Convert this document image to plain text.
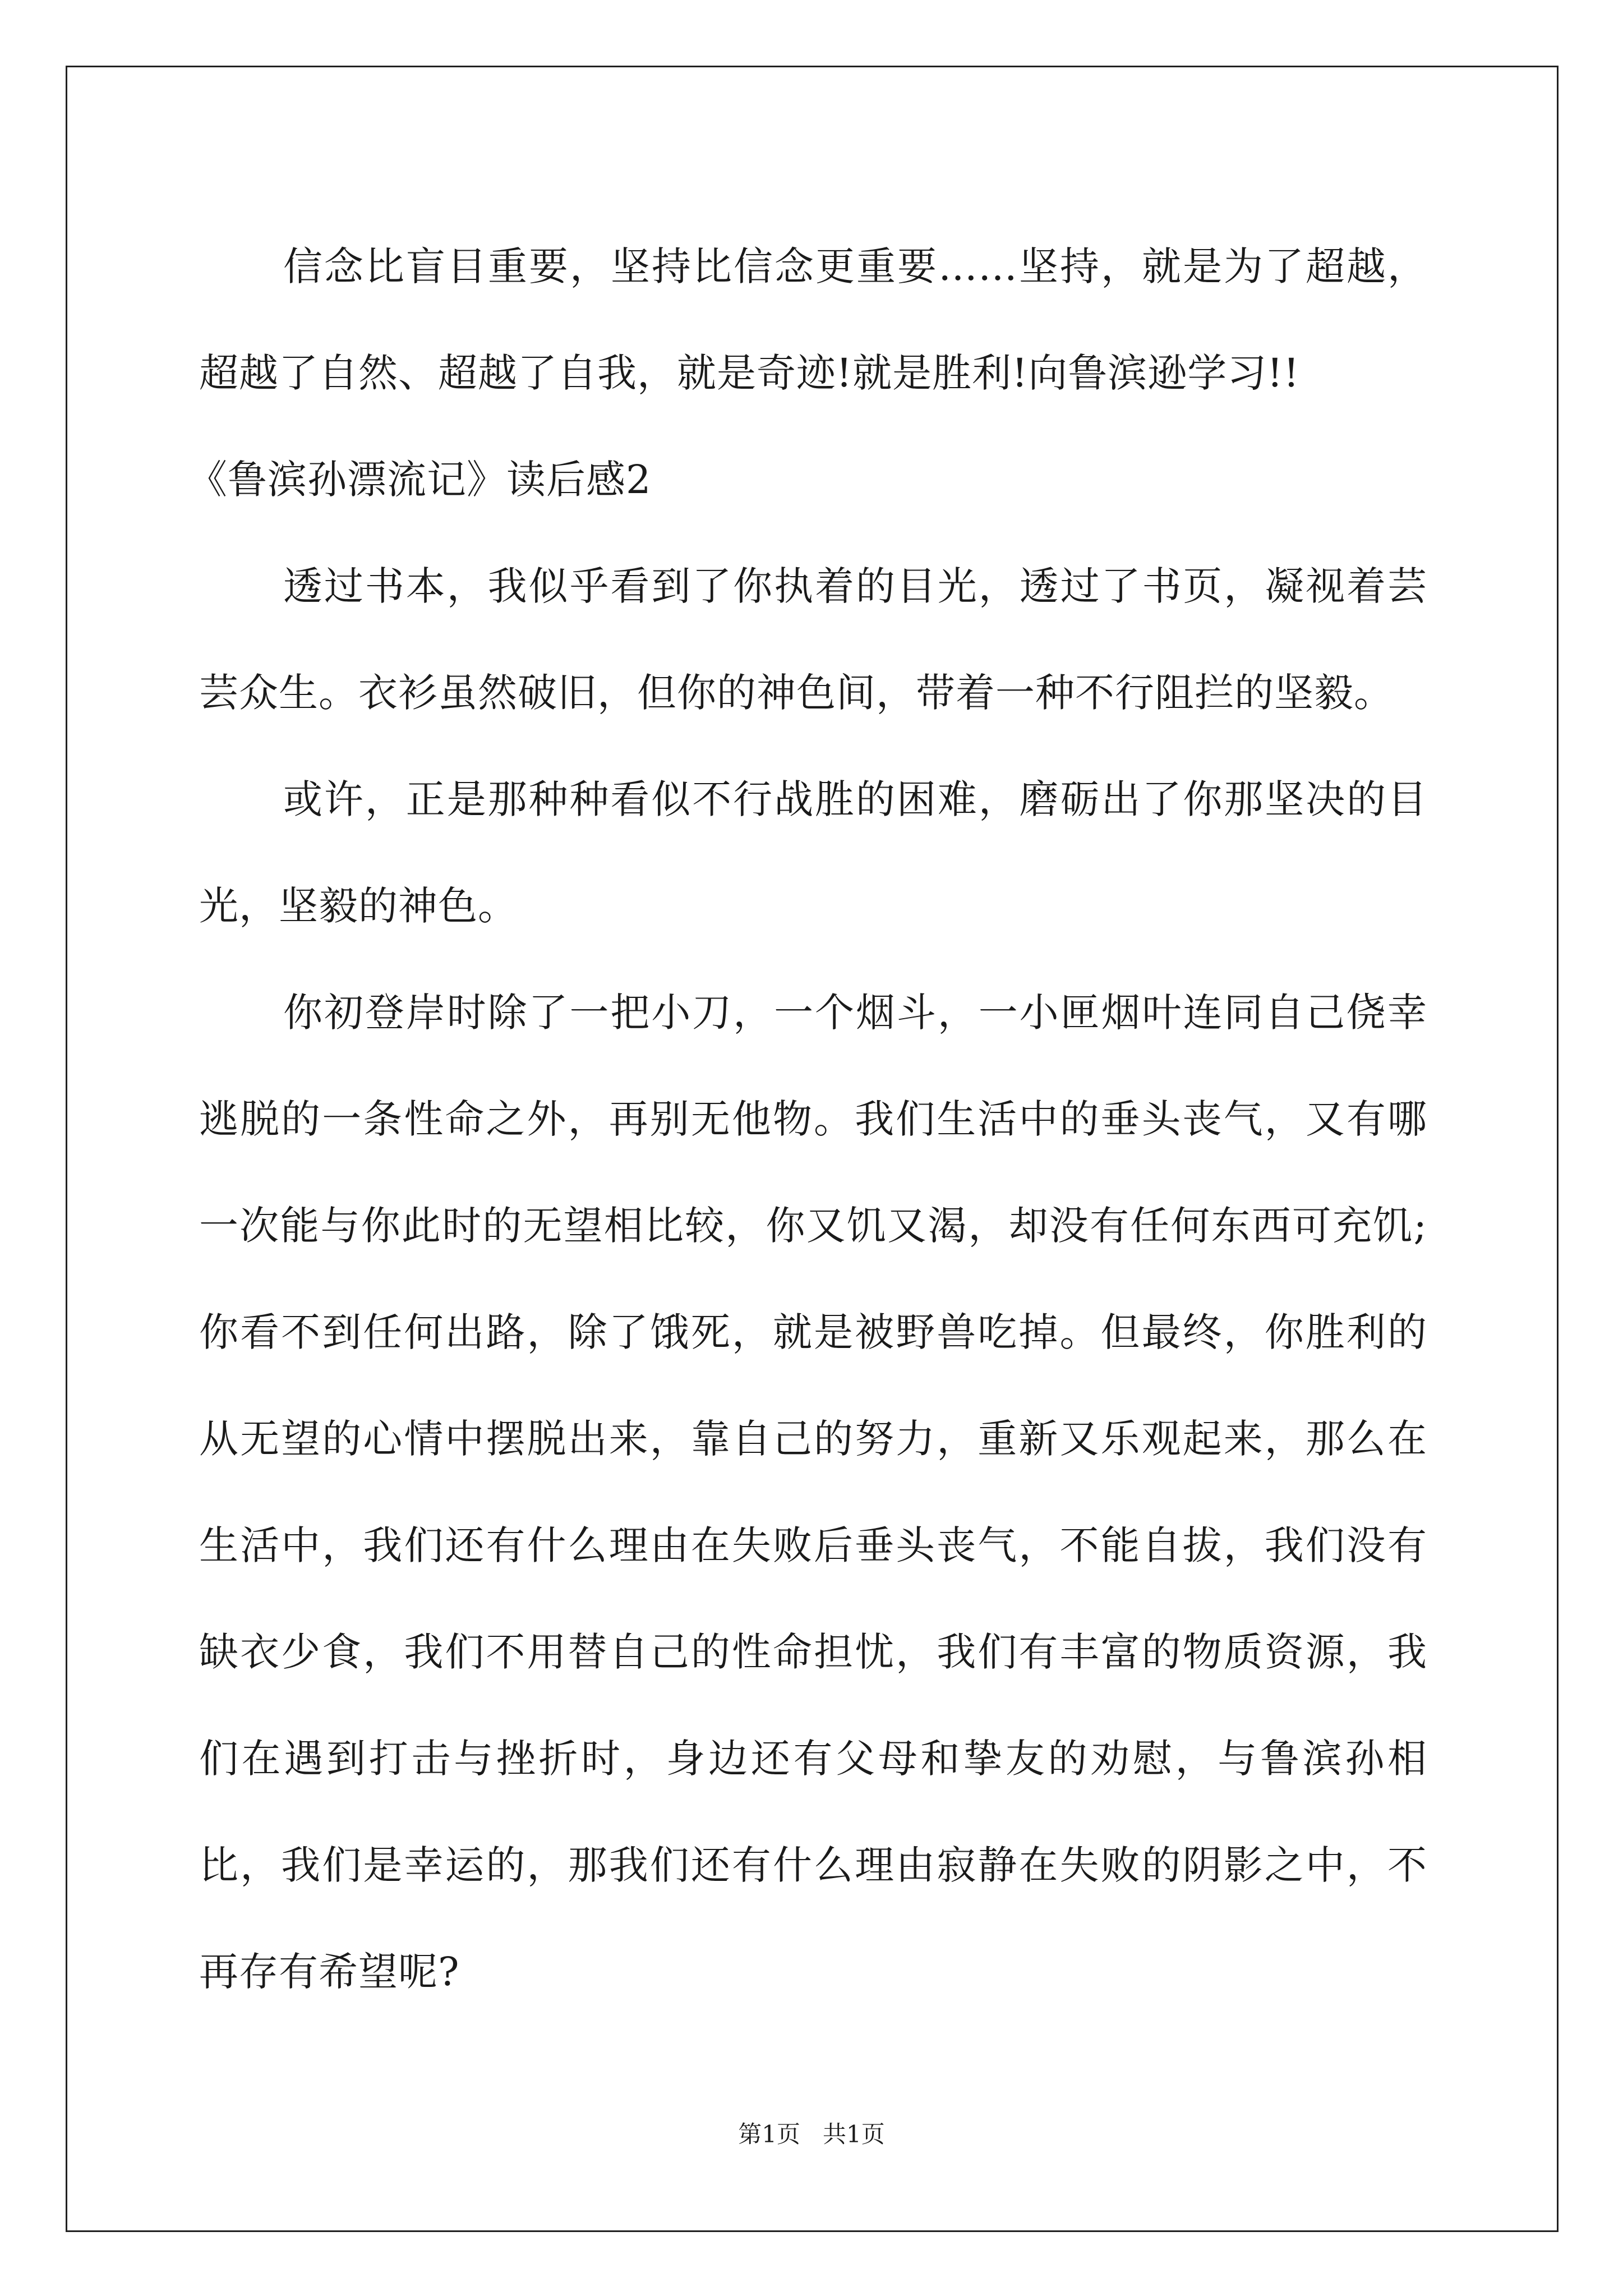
信念比盲目重要，坚持比信念更重要……坚持，就是为了超越，超越了自然、超越了自我，就是奇迹!就是胜利!向鲁滨逊学习!!

《鲁滨孙漂流记》读后感2

透过书本，我似乎看到了你执着的目光，透过了书页，凝视着芸芸众生。衣衫虽然破旧，但你的神色间，带着一种不行阻拦的坚毅。

或许，正是那种种看似不行战胜的困难，磨砺出了你那坚决的目光，坚毅的神色。

你初登岸时除了一把小刀，一个烟斗，一小匣烟叶连同自己侥幸逃脱的一条性命之外，再别无他物。我们生活中的垂头丧气，又有哪一次能与你此时的无望相比较，你又饥又渴，却没有任何东西可充饥;你看不到任何出路，除了饿死，就是被野兽吃掉。但最终，你胜利的从无望的心情中摆脱出来，靠自己的努力，重新又乐观起来，那么在生活中，我们还有什么理由在失败后垂头丧气，不能自拔，我们没有缺衣少食，我们不用替自己的性命担忧，我们有丰富的物质资源，我们在遇到打击与挫折时，身边还有父母和挚友的劝慰，与鲁滨孙相比，我们是幸运的，那我们还有什么理由寂静在失败的阴影之中，不再存有希望呢?

第1页 共1页
